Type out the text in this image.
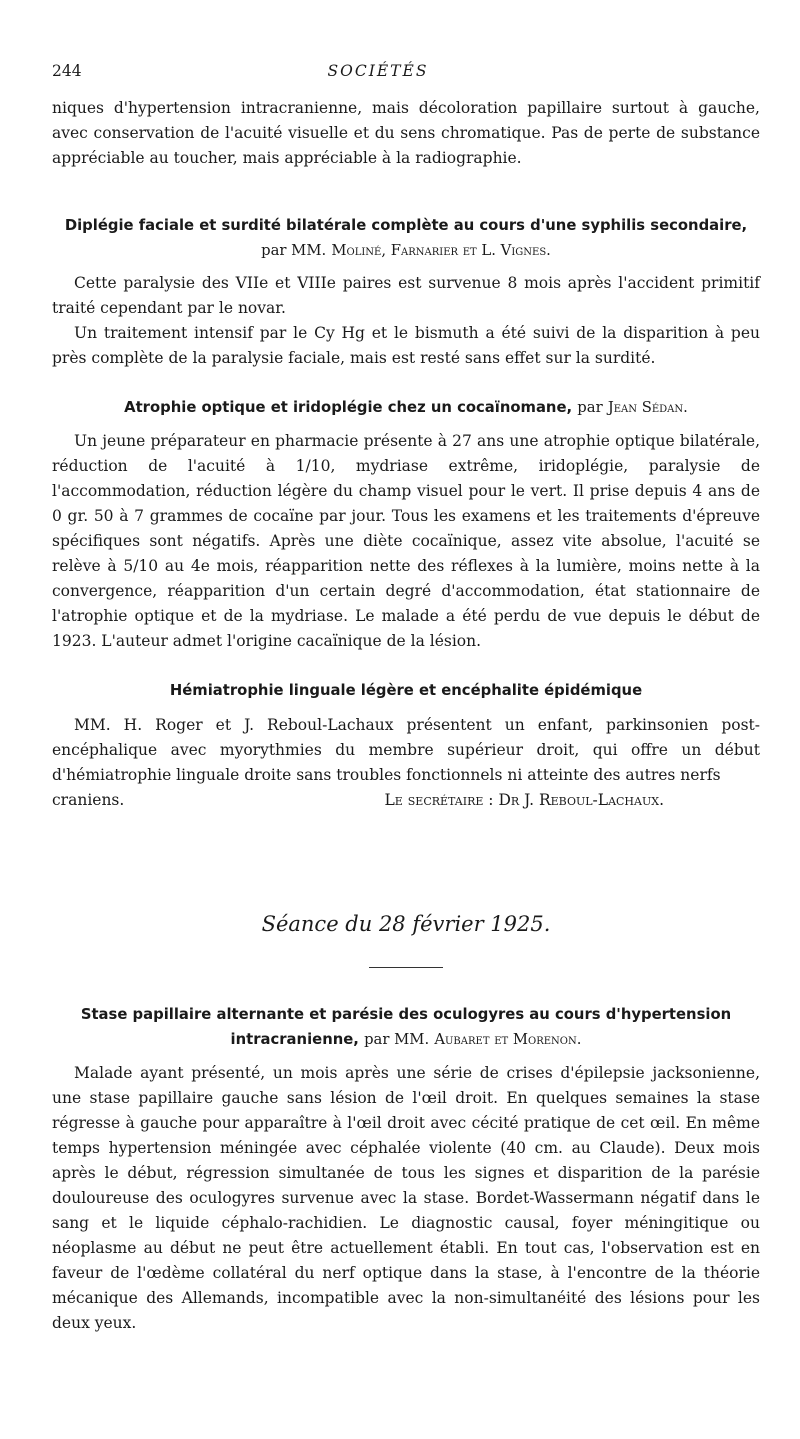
244	SOCIÉTÉS

niques d'hypertension intracranienne, mais décoloration papillaire surtout à gauche, avec conservation de l'acuité visuelle et du sens chromatique. Pas de perte de substance appréciable au toucher, mais appréciable à la radiographie.

Diplégie faciale et surdité bilatérale complète au cours d'une syphilis secondaire, par MM. Moliné, Farnarier et L. Vignes.

Cette paralysie des VIIe et VIIIe paires est survenue 8 mois après l'accident primitif traité cependant par le novar.

Un traitement intensif par le Cy Hg et le bismuth a été suivi de la disparition à peu près complète de la paralysie faciale, mais est resté sans effet sur la surdité.

Atrophie optique et iridoplégie chez un cocaïnomane, par Jean Sédan.

Un jeune préparateur en pharmacie présente à 27 ans une atrophie optique bilatérale, réduction de l'acuité à 1/10, mydriase extrême, iridoplégie, paralysie de l'accommodation, réduction légère du champ visuel pour le vert. Il prise depuis 4 ans de 0 gr. 50 à 7 grammes de cocaïne par jour. Tous les examens et les traitements d'épreuve spécifiques sont négatifs. Après une diète cocaïnique, assez vite absolue, l'acuité se relève à 5/10 au 4e mois, réapparition nette des réflexes à la lumière, moins nette à la convergence, réapparition d'un certain degré d'accommodation, état stationnaire de l'atrophie optique et de la mydriase. Le malade a été perdu de vue depuis le début de 1923. L'auteur admet l'origine cacaïnique de la lésion.

Hémiatrophie linguale légère et encéphalite épidémique

MM. H. Roger et J. Reboul-Lachaux présentent un enfant, parkinsonien post-encéphalique avec myorythmies du membre supérieur droit, qui offre un début d'hémiatrophie linguale droite sans troubles fonctionnels ni atteinte des autres nerfs

craniens.	Le secrétaire : Dr J. Reboul-Lachaux.
Séance du 28 février 1925.
Stase papillaire alternante et parésie des oculogyres au cours d'hypertension intracranienne, par MM. Aubaret et Morenon.

Malade ayant présenté, un mois après une série de crises d'épilepsie jacksonienne, une stase papillaire gauche sans lésion de l'œil droit. En quelques semaines la stase régresse à gauche pour apparaître à l'œil droit avec cécité pratique de cet œil. En même temps hypertension méningée avec céphalée violente (40 cm. au Claude). Deux mois après le début, régression simultanée de tous les signes et disparition de la parésie douloureuse des oculogyres survenue avec la stase. Bordet-Wassermann négatif dans le sang et le liquide céphalo-rachidien. Le diagnostic causal, foyer méningitique ou néoplasme au début ne peut être actuellement établi. En tout cas, l'observation est en faveur de l'œdème collatéral du nerf optique dans la stase, à l'encontre de la théorie mécanique des Allemands, incompatible avec la non-simultanéité des lésions pour les deux yeux.
